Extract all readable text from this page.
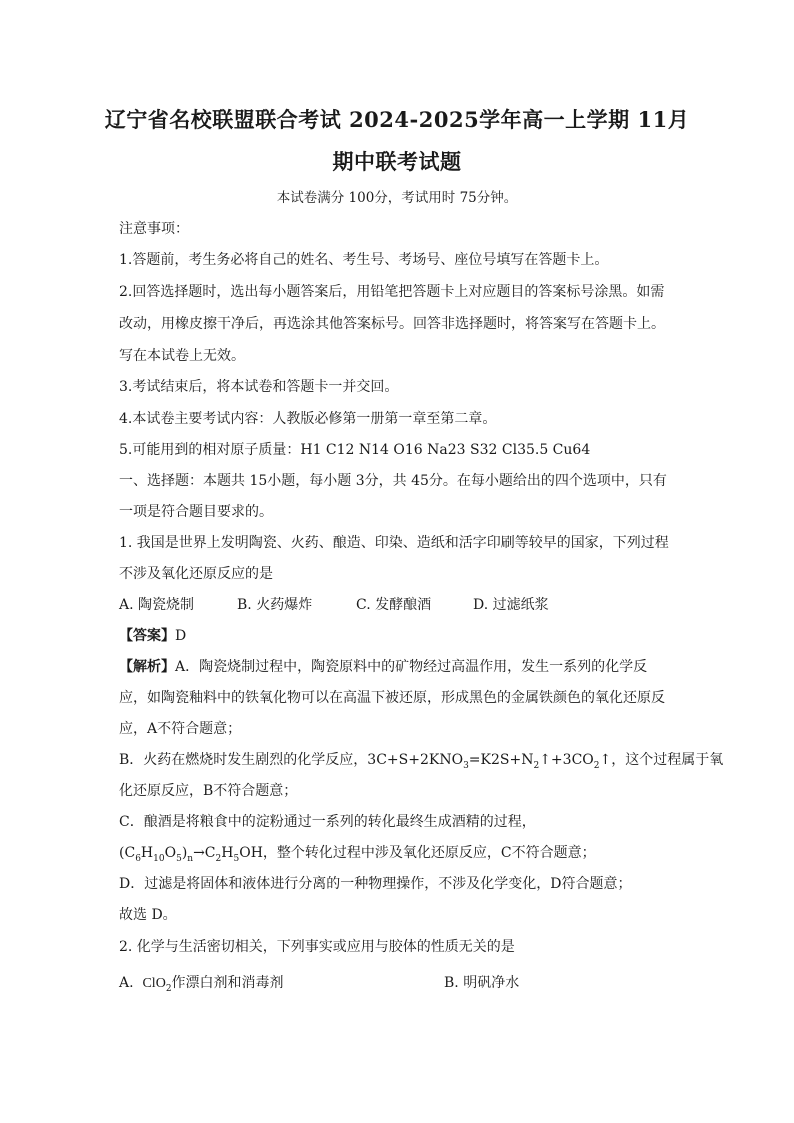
辽宁省名校联盟联合考试 2024-2025学年高一上学期 11月
期中联考试题
本试卷满分 100分，考试用时 75分钟。
注意事项：
1.答题前，考生务必将自己的姓名、考生号、考场号、座位号填写在答题卡上。
2.回答选择题时，选出每小题答案后，用铅笔把答题卡上对应题目的答案标号涂黑。如需
改动，用橡皮擦干净后，再选涂其他答案标号。回答非选择题时，将答案写在答题卡上。
写在本试卷上无效。
3.考试结束后，将本试卷和答题卡一并交回。
4.本试卷主要考试内容：人教版必修第一册第一章至第二章。
5.可能用到的相对原子质量：H1 C12 N14 O16 Na23 S32 Cl35.5 Cu64
一、选择题：本题共 15小题，每小题 3分，共 45分。在每小题给出的四个选项中，只有
一项是符合题目要求的。
1. 我国是世界上发明陶瓷、火药、酿造、印染、造纸和活字印刷等较早的国家，下列过程
不涉及氧化还原反应的是
A. 陶瓷烧制	B. 火药爆炸	C. 发酵酿酒	D. 过滤纸浆
【答案】D
【解析】A．陶瓷烧制过程中，陶瓷原料中的矿物经过高温作用，发生一系列的化学反
应，如陶瓷釉料中的铁氧化物可以在高温下被还原，形成黑色的金属铁颜色的氧化还原反
应，A不符合题意；
B．火药在燃烧时发生剧烈的化学反应，$3C+S+2KNO_3=K2S+N_2↑+3CO_2↑$，这个过程属于氧
化还原反应，B不符合题意；
C．酿酒是将粮食中的淀粉通过一系列的转化最终生成酒精的过程，
$(C_6H_{10}O_5)_n\to C_2H_5OH$，整个转化过程中涉及氧化还原反应，C不符合题意；
D．过滤是将固体和液体进行分离的一种物理操作，不涉及化学变化，D符合题意；
故选 D。
2. 化学与生活密切相关，下列事实或应用与胶体的性质无关的是
A. ClO$_2$作漂白剂和消毒剂	B. 明矾净水
